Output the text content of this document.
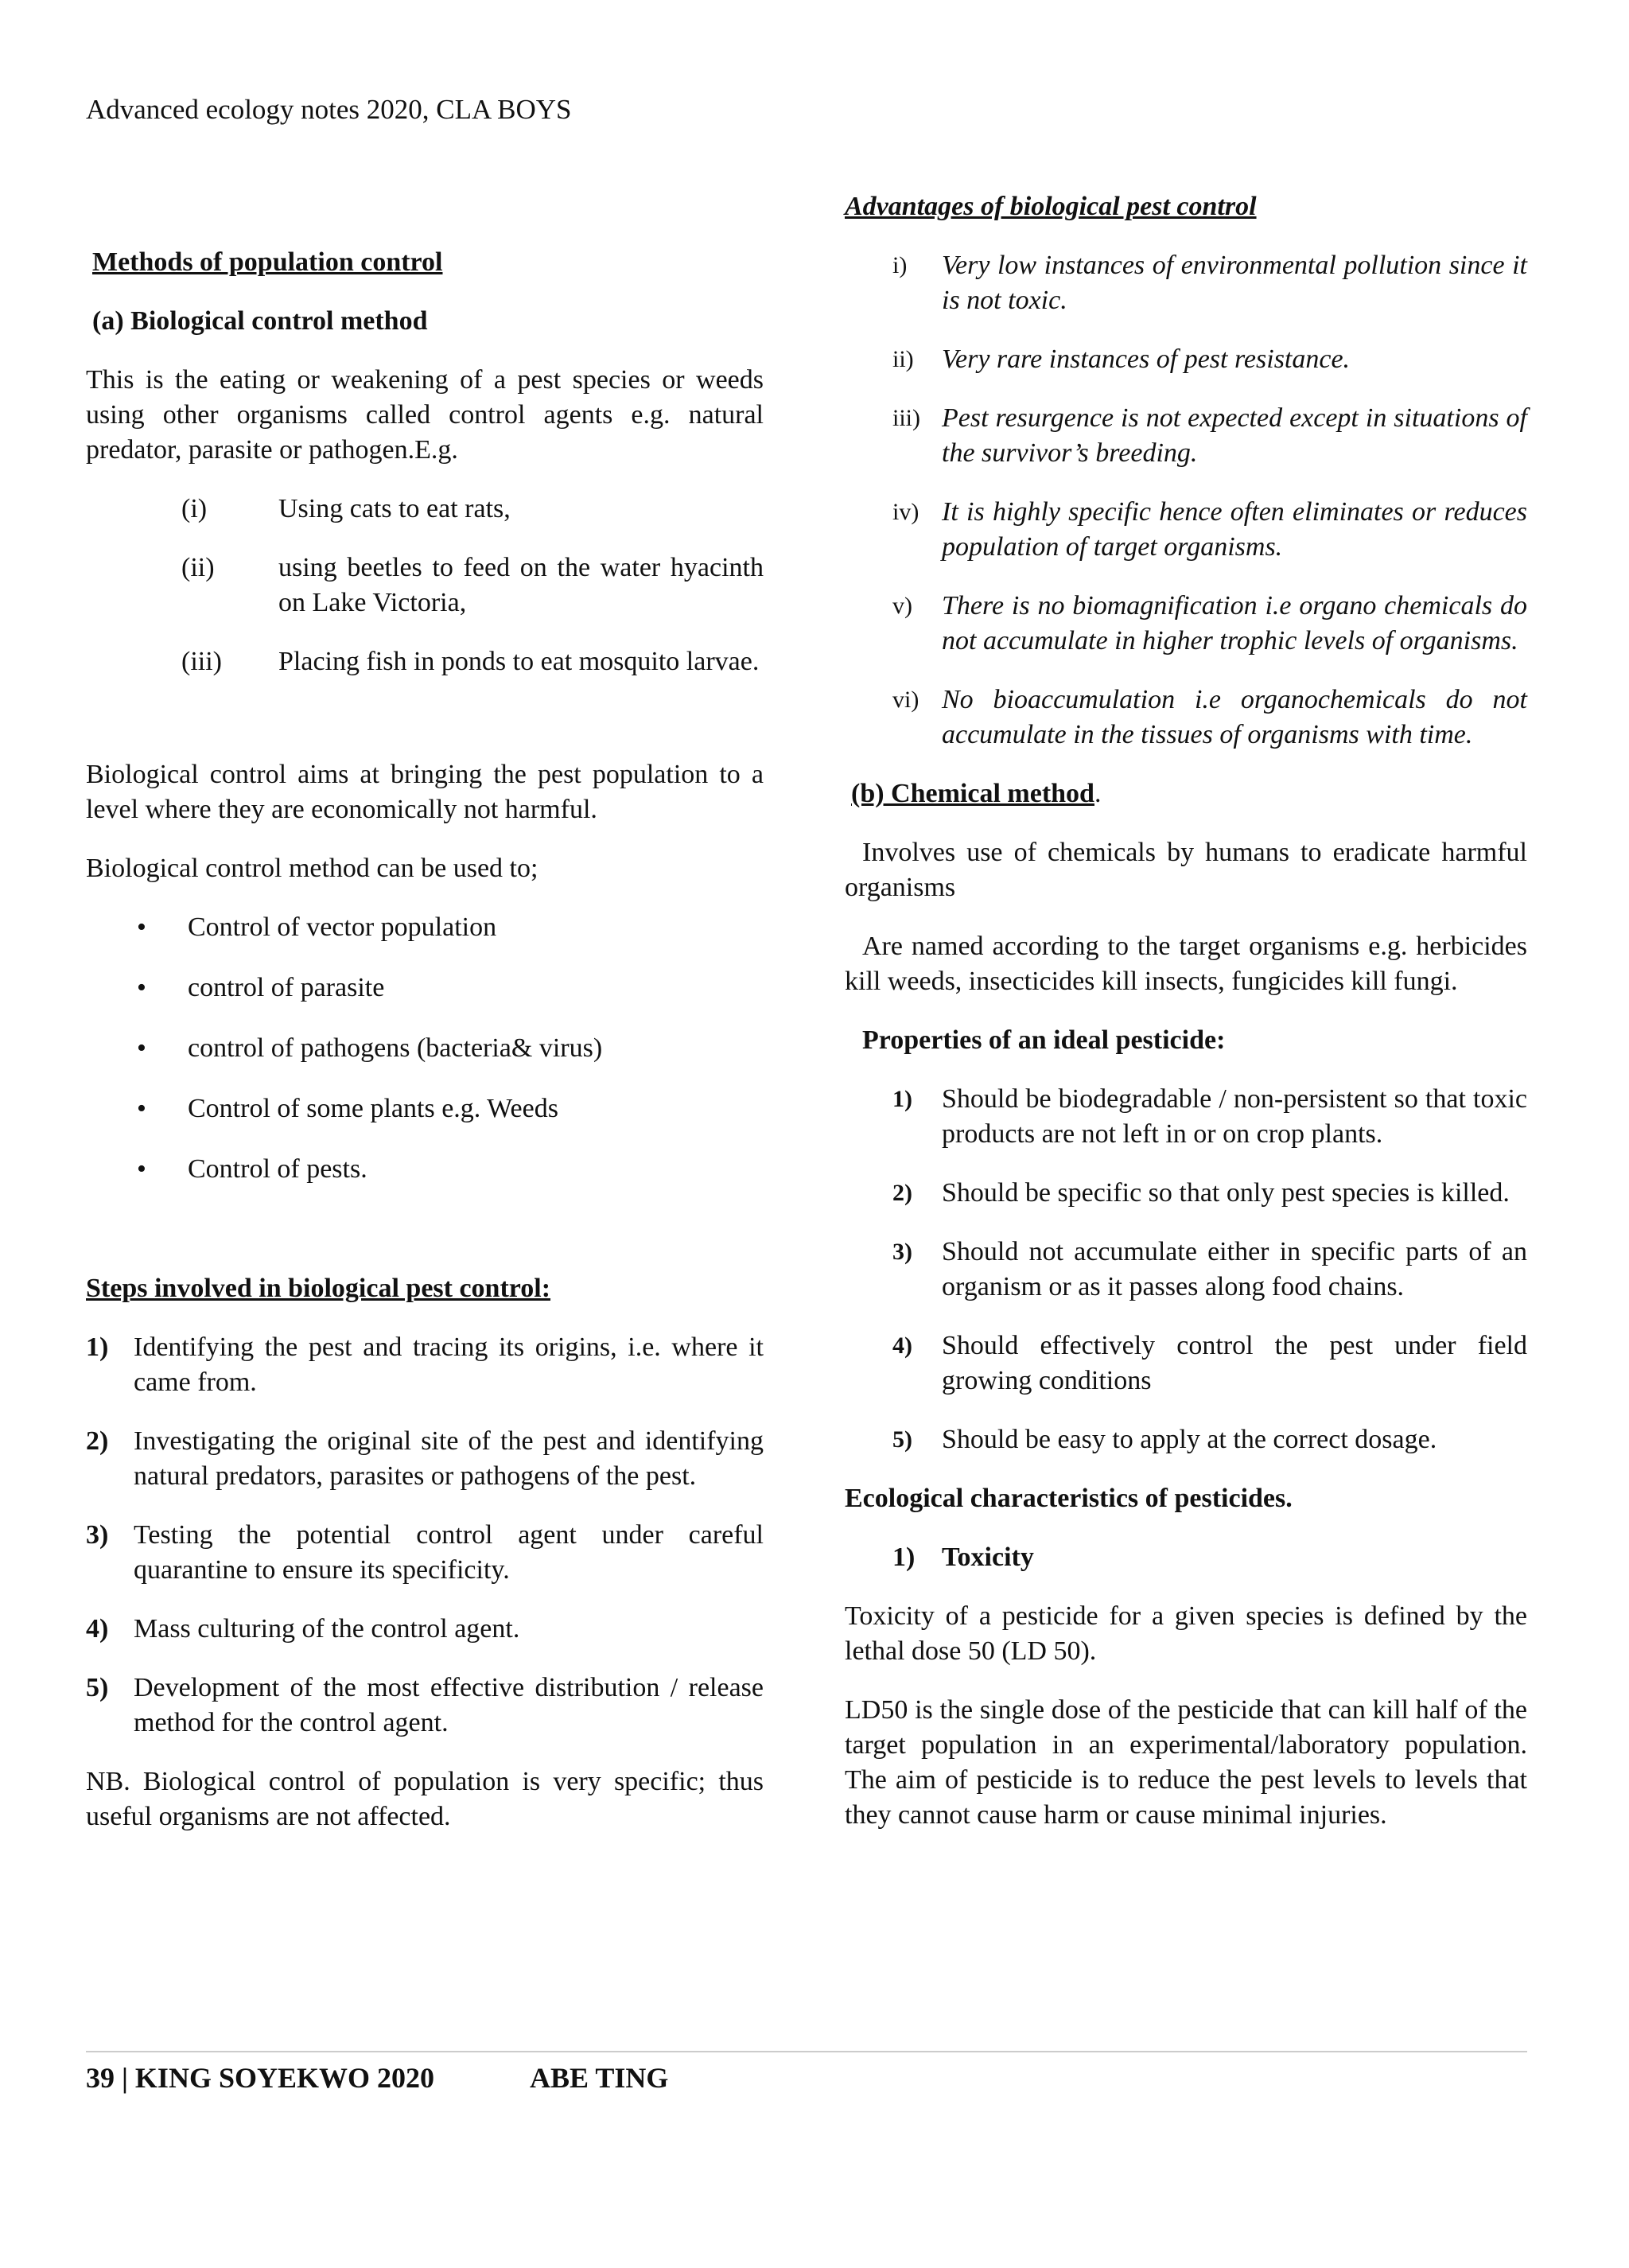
Advanced ecology notes 2020, CLA BOYS

Methods of population control

(a) Biological control method

This is the eating or weakening of a pest species or weeds using other organisms called control agents e.g. natural predator, parasite or pathogen.E.g.

(i)	Using cats to eat rats,
(ii)	using beetles to feed on the water hyacinth on Lake Victoria,
(iii)	Placing fish in ponds to eat mosquito larvae.

Biological control aims at bringing the pest population to a level where they are economically not harmful.

Biological control method can be used to;

•
Control of vector population
•
control of parasite
•
control of pathogens (bacteria& virus)
•
Control of some plants e.g. Weeds
•
Control of pests.

Steps involved in biological pest control:

1) Identifying the pest and tracing its origins, i.e. where it came from.
2) Investigating the original site of the pest and identifying natural predators, parasites or pathogens of the pest.
3) Testing the potential control agent under careful quarantine to ensure its specificity.
4) Mass culturing of the control agent.
5) Development of the most effective distribution / release method for the control agent.

NB. Biological control of population is very specific; thus useful organisms are not affected.

Advantages of biological pest control

i)	Very low instances of environmental pollution since it is not toxic.
ii)	Very rare instances of pest resistance.
iii) Pest resurgence is not expected except in situations of the survivor’s breeding.
iv) It is highly specific hence often eliminates or reduces population of target organisms.
v)	There is no biomagnification i.e organo chemicals do not accumulate in higher trophic levels of organisms.
vi) No bioaccumulation i.e organochemicals do not accumulate in the tissues of organisms with time.

(b) Chemical method.

Involves use of chemicals by humans to eradicate harmful organisms

Are named according to the target organisms e.g. herbicides kill weeds, insecticides kill insects, fungicides kill fungi.

Properties of an ideal pesticide:

1)	Should be biodegradable / non-persistent so that toxic products are not left in or on crop plants.
2)	Should be specific so that only pest species is killed.
3)	Should not accumulate either in specific parts of an organism or as it passes along food chains.
4)	Should effectively control the pest under field growing conditions
5)	Should be easy to apply at the correct dosage.

Ecological characteristics of pesticides.

1) Toxicity

Toxicity of a pesticide for a given species is defined by the lethal dose 50 (LD 50).

LD50 is the single dose of the pesticide that can kill half of the target population in an experimental/laboratory population. The aim of pesticide is to reduce the pest levels to levels that they cannot cause harm or cause minimal injuries.

39 | KING SOYEKWO 2020	ABE TING
